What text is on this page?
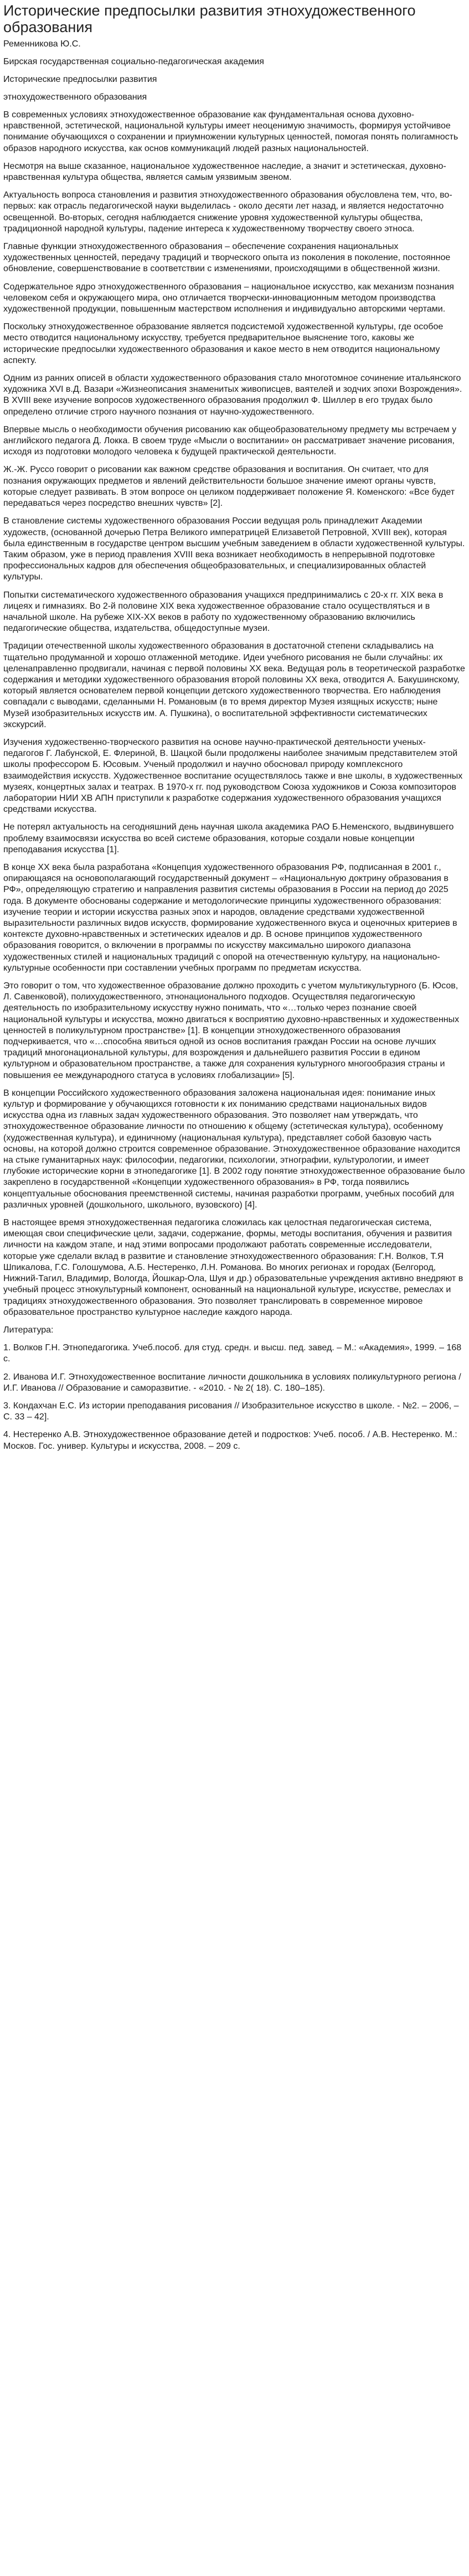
Исторические предпосылки развития этнохудожественного образования
Ременникова Ю.С.
Бирская государственная социально-педагогическая академия
Исторические предпосылки развития
этнохудожественного образования

В современных условиях этнохудожественное образование как фундаментальная основа духовно-нравственной, эстетической, национальной культуры имеет неоценимую значимость, формируя устойчивое понимание обучающихся о сохранении и приумножении культурных ценностей, помогая понять полигамность образов народного искусства, как основ коммуникаций людей разных национальностей.

Несмотря на выше сказанное, национальное художественное наследие, а значит и эстетическая, духовно-нравственная культура общества, является самым уязвимым звеном.

Актуальность вопроса становления и развития этнохудожественного образования обусловлена тем, что, во-первых: как отрасль педагогической науки выделилась - около десяти лет назад, и является недостаточно освещенной. Во-вторых, сегодня наблюдается снижение уровня художественной культуры общества, традиционной народной культуры, падение интереса к художественному творчеству своего этноса.

Главные функции этнохудожественного образования – обеспечение сохранения национальных художественных ценностей, передачу традиций и творческого опыта из поколения в поколение, постоянное обновление, совершенствование в соответствии с изменениями, происходящими в общественной жизни.

Содержательное ядро этнохудожественного образования – национальное искусство, как механизм познания человеком себя и окружающего мира, оно отличается творчески-инновационным методом производства художественной продукции, повышенным мастерством исполнения и индивидуально авторскими чертами.

Поскольку этнохудожественное образование является подсистемой художественной культуры, где особое место отводится национальному искусству, требуется предварительное выяснение того, каковы же исторические предпосылки художественного образования и какое место в нем отводится национальному аспекту.

Одним из ранних описей в области художественного образования стало многотомное сочинение итальянского художника XVI в.Д. Вазари «Жизнеописания знаменитых живописцев, ваятелей и зодчих эпохи Возрождения». В XVIII веке изучение вопросов художественного образования продолжил Ф. Шиллер в его трудах было определено отличие строго научного познания от научно-художественного.

Впервые мысль о необходимости обучения рисованию как общеобразовательному предмету мы встречаем у английского педагога Д. Локка. В своем труде «Мысли о воспитании» он рассматривает значение рисования, исходя из подготовки молодого человека к будущей практической деятельности.

Ж.-Ж. Руссо говорит о рисовании как важном средстве образования и воспитания. Он считает, что для познания окружающих предметов и явлений действительности большое значение имеют органы чувств, которые следует развивать. В этом вопросе он целиком поддерживает положение Я. Коменского: «Все будет передаваться через посредство внешних чувств» [2].

В становление системы художественного образования России ведущая роль принадлежит Академии художеств, (основанной дочерью Петра Великого императрицей Елизаветой Петровной, XVIII век), которая была единственным в государстве центром высшим учебным заведением в области художественной культуры. Таким образом, уже в период правления XVIII века возникает необходимость в непрерывной подготовке профессиональных кадров для обеспечения общеобразовательных, и специализированных областей культуры.

Попытки систематического художественного образования учащихся предпринимались с 20-х гг. XIX века в лицеях и гимназиях. Во 2-й половине XIX века художественное образование стало осуществляться и в начальной школе. На рубеже XIX-XX веков в работу по художественному образованию включились педагогические общества, издательства, общедоступные музеи.

Традиции отечественной школы художественного образования в достаточной степени складывались на тщательно продуманной и хорошо отлаженной методике. Идеи учебного рисования не были случайны: их целенаправленно продвигали, начиная с первой половины ХХ века. Ведущая роль в теоретической разработке содержания и методики художественного образования второй половины ХХ века, отводится А. Бакушинскому, который является основателем первой концепции детского художественного творчества. Его наблюдения совпадали с выводами, сделанными Н. Романовым (в то время директор Музея изящных искусств; ныне Музей изобразительных искусств им. А. Пушкина), о воспитательной эффективности систематических экскурсий.

Изучения художественно-творческого развития на основе научно-практической деятельности ученых-педагогов Г. Лабунской, Е. Флериной, В. Шацкой были продолжены наиболее значимым представителем этой школы профессором Б. Юсовым. Ученый продолжил и научно обосновал природу комплексного взаимодействия искусств. Художественное воспитание осуществлялось также и вне школы, в художественных музеях, концертных залах и театрах. В 1970-х гг. под руководством Союза художников и Союза композиторов лаборатории НИИ ХВ АПН приступили к разработке содержания художественного образования учащихся средствами искусства.

Не потерял актуальность на сегодняшний день научная школа академика РАО Б.Неменского, выдвинувшего проблему взаимосвязи искусства во всей системе образования, которые создали новые концепции преподавания искусства [1].

В конце ХХ века была разработана «Концепция художественного образования РФ, подписанная в 2001 г., опирающаяся на основополагающий государственный документ – «Национальную доктрину образования в РФ», определяющую стратегию и направления развития системы образования в России на период до 2025 года. В документе обоснованы содержание и методологические принципы художественного образования: изучение теории и истории искусства разных эпох и народов, овладение средствами художественной выразительности различных видов искусств, формирование художественного вкуса и оценочных критериев в контексте духовно-нравственных и эстетических идеалов и др. В основе принципов художественного образования говорится, о включении в программы по искусству максимально широкого диапазона художественных стилей и национальных традиций с опорой на отечественную культуру, на национально-культурные особенности при составлении учебных программ по предметам искусства.

Это говорит о том, что художественное образование должно проходить с учетом мультикультурного (Б. Юсов, Л. Савенковой), полихудожественного, этнонационального подходов. Осуществляя педагогическую деятельность по изобразительному искусству нужно понимать, что «…только через познание своей национальной культуры и искусства, можно двигаться к восприятию духовно-нравственных и художественных ценностей в поликультурном пространстве» [1]. В концепции этнохудожественного образования подчеркивается, что «…способна явиться одной из основ воспитания граждан России на основе лучших традиций многонациональной культуры, для возрождения и дальнейшего развития России в едином культурном и образовательном пространстве, а также для сохранения культурного многообразия страны и повышения ее международного статуса в условиях глобализации» [5].

В концепции Российского художественного образования заложена национальная идея: понимание иных культур и формирование у обучающихся готовности к их пониманию средствами национальных видов искусства одна из главных задач художественного образования. Это позволяет нам утверждать, что этнохудожественное образование личности по отношению к общему (эстетическая культура), особенному (художественная культура), и единичному (национальная культура), представляет собой базовую часть основы, на которой должно строится современное образование. Этнохудожественное образование находится на стыке гуманитарных наук: философии, педагогики, психологии, этнографии, культурологии, и имеет глубокие исторические корни в этнопедагогике [1]. В 2002 году понятие этнохудожественное образование было закреплено в государственной «Концепции художественного образования» в РФ, тогда появились концептуальные обоснования преемственной системы, начиная разработки программ, учебных пособий для различных уровней (дошкольного, школьного, вузовского) [4].

В настоящее время этнохудожественная педагогика сложилась как целостная педагогическая система, имеющая свои специфические цели, задачи, содержание, формы, методы воспитания, обучения и развития личности на каждом этапе, и над этими вопросами продолжают работать современные исследователи, которые уже сделали вклад в развитие и становление этнохудожественного образования: Г.Н. Волков, Т.Я Шпикалова, Г.С. Голошумова, А.Б. Нестеренко, Л.Н. Романова. Во многих регионах и городах (Белгород, Нижний-Тагил, Владимир, Вологда, Йошкар-Ола, Шуя и др.) образовательные учреждения активно внедряют в учебный процесс этнокультурный компонент, основанный на национальной культуре, искусстве, ремеслах и традициях этнохудожественного образования. Это позволяет транслировать в современное мировое образовательное пространство культурное наследие каждого народа.

Литература:

1. Волков Г.Н. Этнопедагогика. Учеб.пособ. для студ. средн. и высш. пед. завед. – М.: «Академия», 1999. – 168 с.
2. Иванова И.Г. Этнохудожественное воспитание личности дошкольника в условиях поликультурного региона / И.Г. Иванова // Образование и саморазвитие. - «2010. - № 2( 18). С. 180–185).
3. Кондахчан Е.С. Из истории преподавания рисования // Изобразительное искусство в школе. - №2. – 2006, – С. 33 – 42].
4. Нестеренко А.В. Этнохудожественное образование детей и подростков: Учеб. пособ. / А.В. Нестеренко. М.: Москов. Гос. универ. Культуры и искусства, 2008. – 209 с.
